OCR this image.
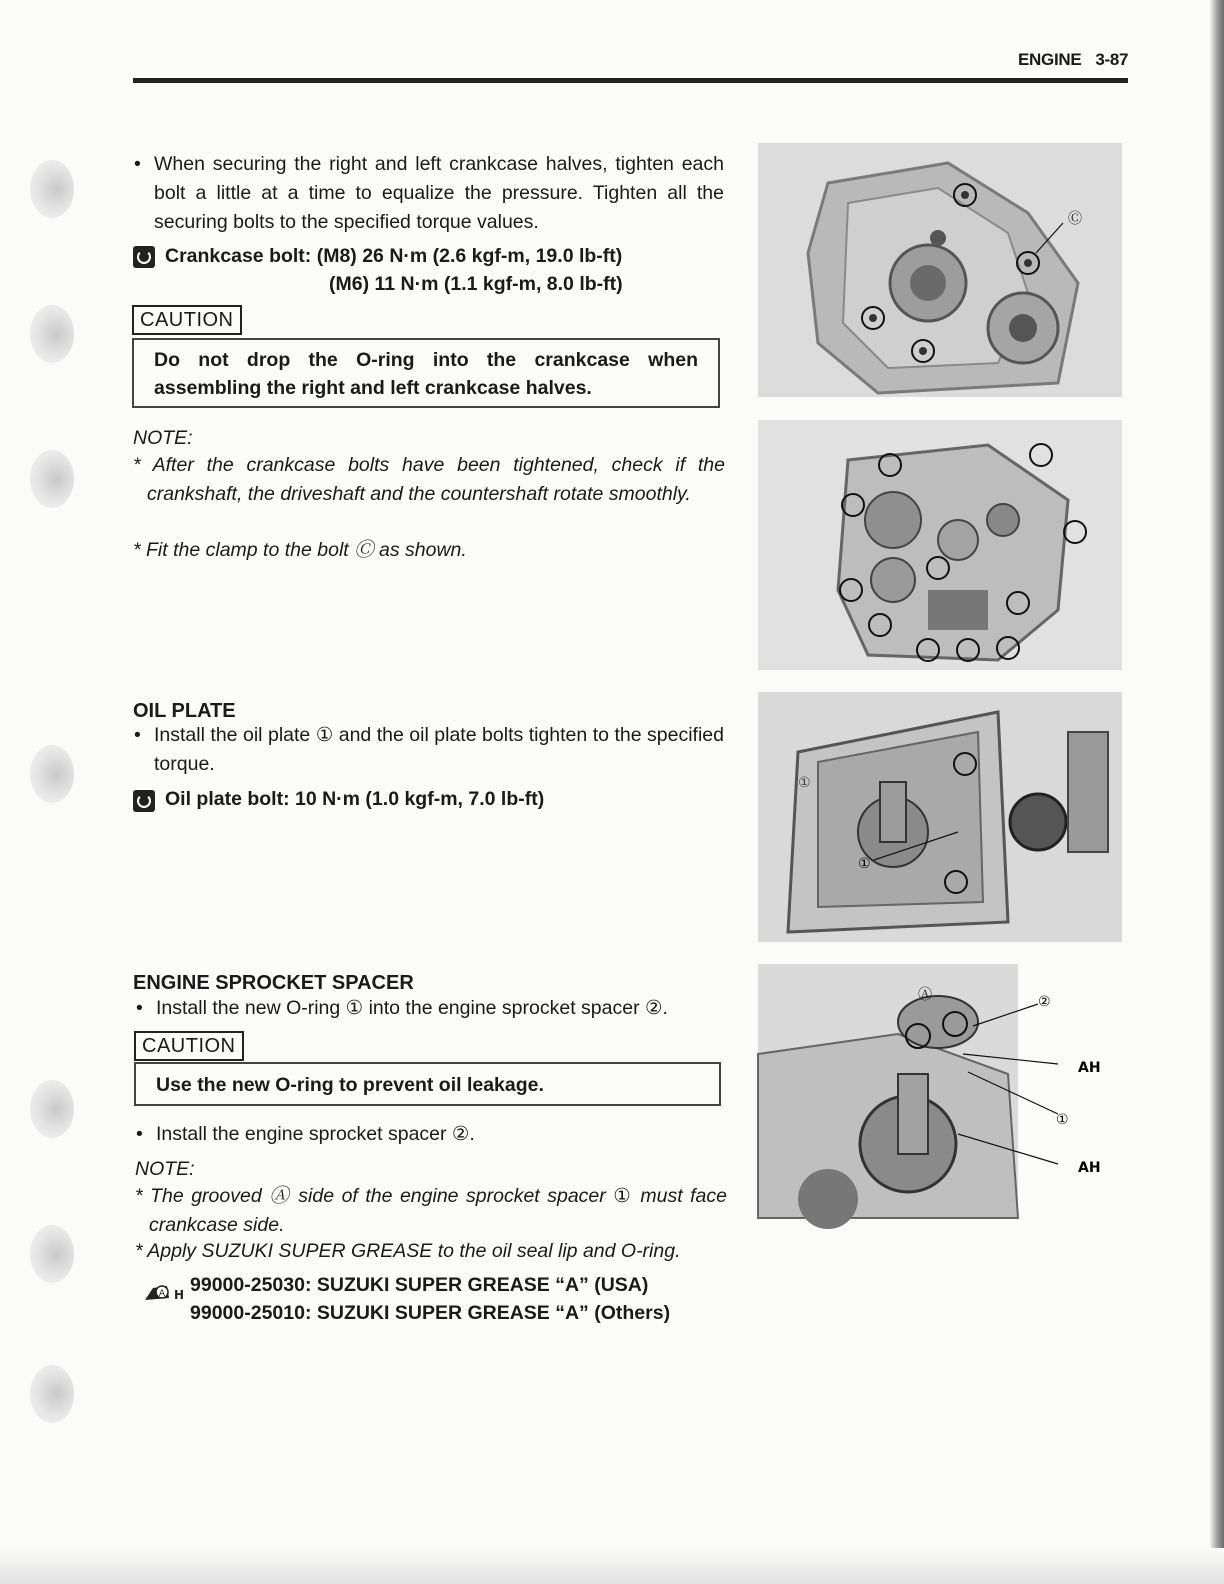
ENGINE 3-87
• When securing the right and left crankcase halves, tighten each bolt a little at a time to equalize the pressure. Tighten all the securing bolts to the specified torque values.
Crankcase bolt: (M8) 26 N·m (2.6 kgf-m, 19.0 lb-ft)
(M6) 11 N·m (1.1 kgf-m, 8.0 lb-ft)
CAUTION
Do not drop the O-ring into the crankcase when assembling the right and left crankcase halves.
NOTE:
* After the crankcase bolts have been tightened, check if the crankshaft, the driveshaft and the countershaft rotate smoothly.
* Fit the clamp to the bolt Ⓒ as shown.
OIL PLATE
• Install the oil plate ① and the oil plate bolts tighten to the specified torque.
Oil plate bolt: 10 N·m (1.0 kgf-m, 7.0 lb-ft)
ENGINE SPROCKET SPACER
• Install the new O-ring ① into the engine sprocket spacer ②.
CAUTION
Use the new O-ring to prevent oil leakage.
• Install the engine sprocket spacer ②.
NOTE:
* The grooved Ⓐ side of the engine sprocket spacer ① must face crankcase side.
* Apply SUZUKI SUPER GREASE to the oil seal lip and O-ring.
A H 99000-25030: SUZUKI SUPER GREASE “A” (USA)
99000-25010: SUZUKI SUPER GREASE “A” (Others)
Ⓒ
①
①
Ⓐ	②
①
AH
AH
